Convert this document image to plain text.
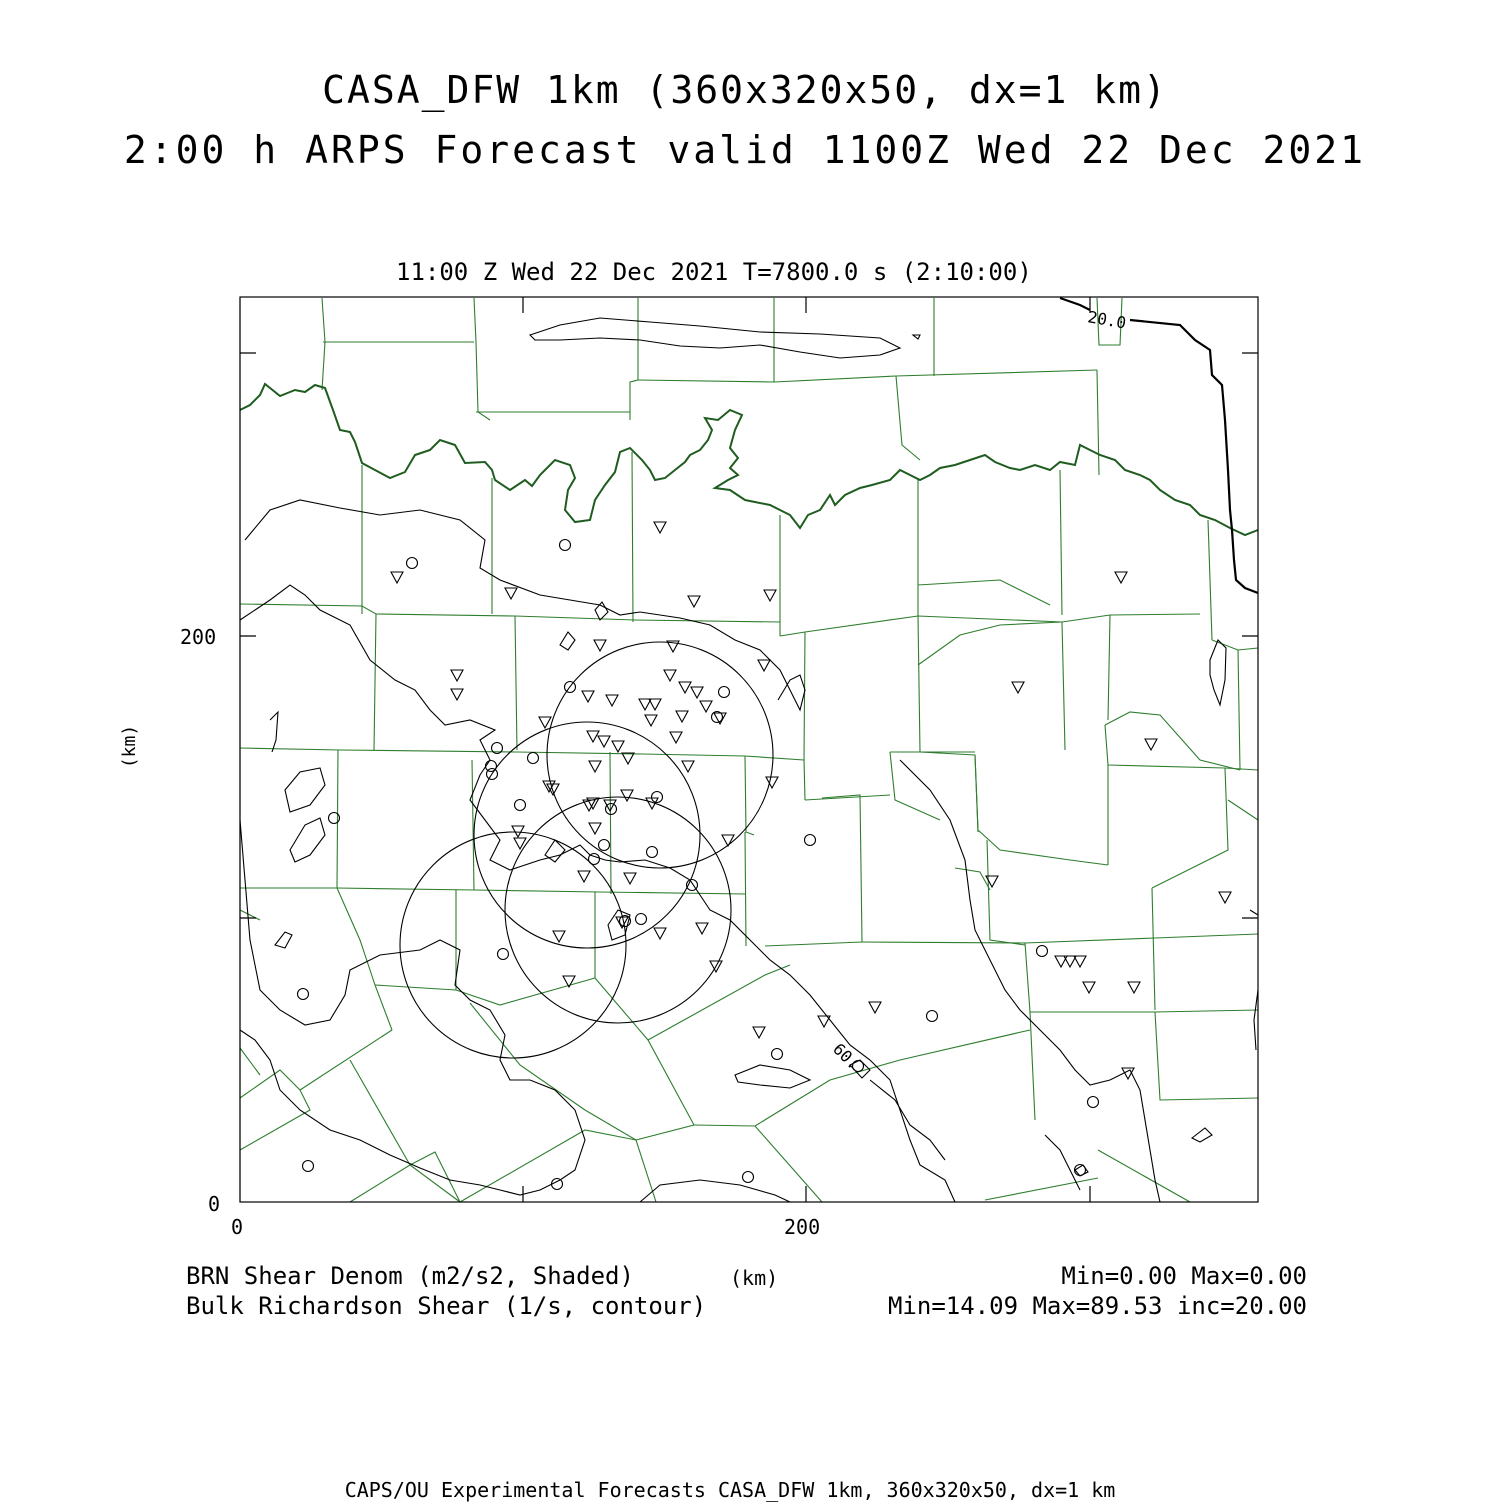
CASA_DFW 1km (360x320x50, dx=1 km)
2:00 h ARPS Forecast valid 1100Z Wed 22 Dec 2021
11:00 Z Wed 22 Dec 2021 T=7800.0 s (2:10:00)
20.0
60.
200
0
0	200
(km)
(km)
BRN Shear Denom (m2/s2, Shaded)
Bulk Richardson Shear (1/s, contour)
Min=0.00 Max=0.00
Min=14.09 Max=89.53 inc=20.00
CAPS/OU Experimental Forecasts CASA_DFW 1km, 360x320x50, dx=1 km
